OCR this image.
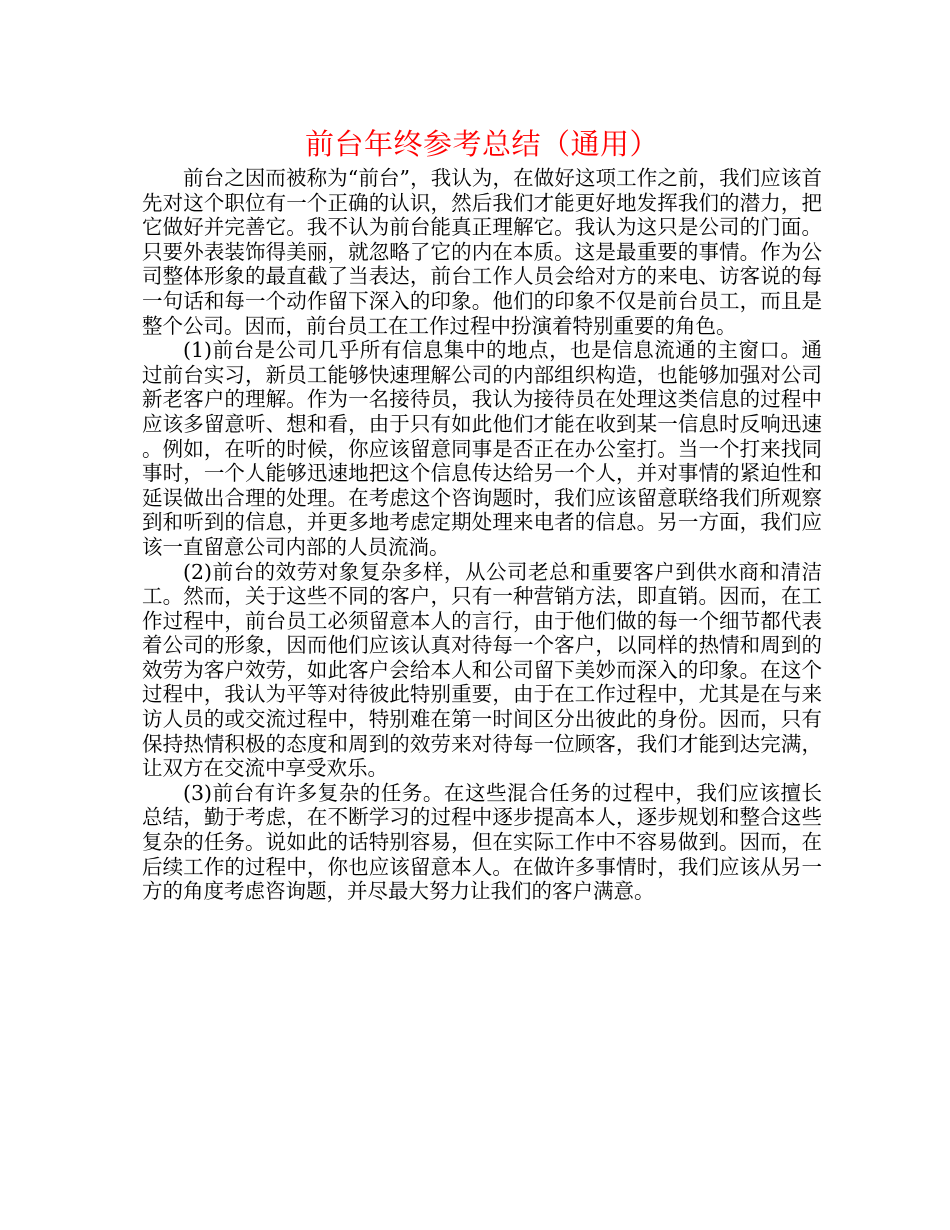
前台年终参考总结（通用）

前台之因而被称为“前台”，我认为，在做好这项工作之前，我们应该首先对这个职位有一个正确的认识，然后我们才能更好地发挥我们的潜力，把它做好并完善它。我不认为前台能真正理解它。我认为这只是公司的门面。只要外表装饰得美丽，就忽略了它的内在本质。这是最重要的事情。作为公司整体形象的最直截了当表达，前台工作人员会给对方的来电、访客说的每一句话和每一个动作留下深入的印象。他们的印象不仅是前台员工，而且是整个公司。因而，前台员工在工作过程中扮演着特别重要的角色。

(1)前台是公司几乎所有信息集中的地点，也是信息流通的主窗口。通过前台实习，新员工能够快速理解公司的内部组织构造，也能够加强对公司新老客户的理解。作为一名接待员，我认为接待员在处理这类信息的过程中应该多留意听、想和看，由于只有如此他们才能在收到某一信息时反响迅速。例如，在听的时候，你应该留意同事是否正在办公室打。当一个打来找同事时，一个人能够迅速地把这个信息传达给另一个人，并对事情的紧迫性和延误做出合理的处理。在考虑这个咨询题时，我们应该留意联络我们所观察到和听到的信息，并更多地考虑定期处理来电者的信息。另一方面，我们应该一直留意公司内部的人员流淌。

(2)前台的效劳对象复杂多样，从公司老总和重要客户到供水商和清洁工。然而，关于这些不同的客户，只有一种营销方法，即直销。因而，在工作过程中，前台员工必须留意本人的言行，由于他们做的每一个细节都代表着公司的形象，因而他们应该认真对待每一个客户，以同样的热情和周到的效劳为客户效劳，如此客户会给本人和公司留下美妙而深入的印象。在这个过程中，我认为平等对待彼此特别重要，由于在工作过程中，尤其是在与来访人员的或交流过程中，特别难在第一时间区分出彼此的身份。因而，只有保持热情积极的态度和周到的效劳来对待每一位顾客，我们才能到达完满，让双方在交流中享受欢乐。

(3)前台有许多复杂的任务。在这些混合任务的过程中，我们应该擅长总结，勤于考虑，在不断学习的过程中逐步提高本人，逐步规划和整合这些复杂的任务。说如此的话特别容易，但在实际工作中不容易做到。因而，在后续工作的过程中，你也应该留意本人。在做许多事情时，我们应该从另一方的角度考虑咨询题，并尽最大努力让我们的客户满意。
